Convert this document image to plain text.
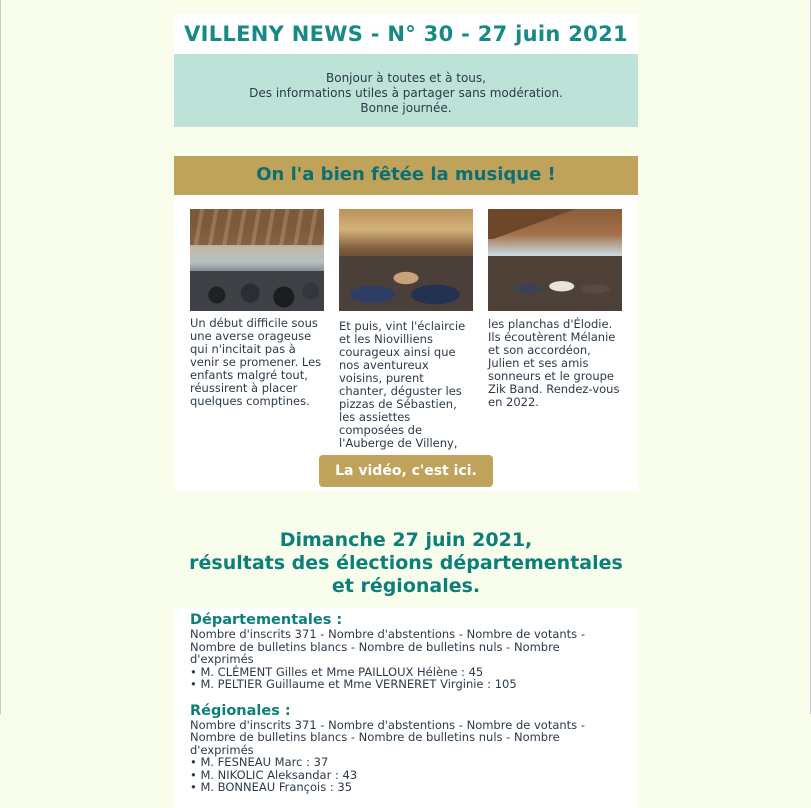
VILLENY NEWS - N° 30 - 27 juin 2021
Bonjour à toutes et à tous,
Des informations utiles à partager sans modération.
Bonne journée.
On l'a bien fêtée la musique !

Un début difficile sous une averse orageuse qui n'incitait pas à venir se promener. Les enfants malgré tout, réussirent à placer quelques comptines.

Et puis, vint l'éclaircie et les Niovilliens courageux ainsi que nos aventureux voisins, purent chanter, déguster les pizzas de Sébastien, les assiettes composées de l'Auberge de Villeny,

les planchas d'Élodie. Ils écoutèrent Mélanie et son accordéon, Julien et ses amis sonneurs et le groupe Zik Band. Rendez-vous en 2022.

La vidéo, c'est ici.
Dimanche 27 juin 2021,
résultats des élections départementales
et régionales.
Départementales :

Nombre d'inscrits 371 - Nombre d'abstentions - Nombre de votants - Nombre de bulletins blancs - Nombre de bulletins nuls - Nombre d'exprimés

• M. CLÉMENT Gilles et Mme PAILLOUX Hélène : 45
• M. PELTIER Guillaume et Mme VERNERET Virginie : 105
Régionales :

Nombre d'inscrits 371 - Nombre d'abstentions - Nombre de votants - Nombre de bulletins blancs - Nombre de bulletins nuls - Nombre d'exprimés

• M. FESNEAU Marc : 37
• M. NIKOLIC Aleksandar : 43
• M. BONNEAU François : 35
